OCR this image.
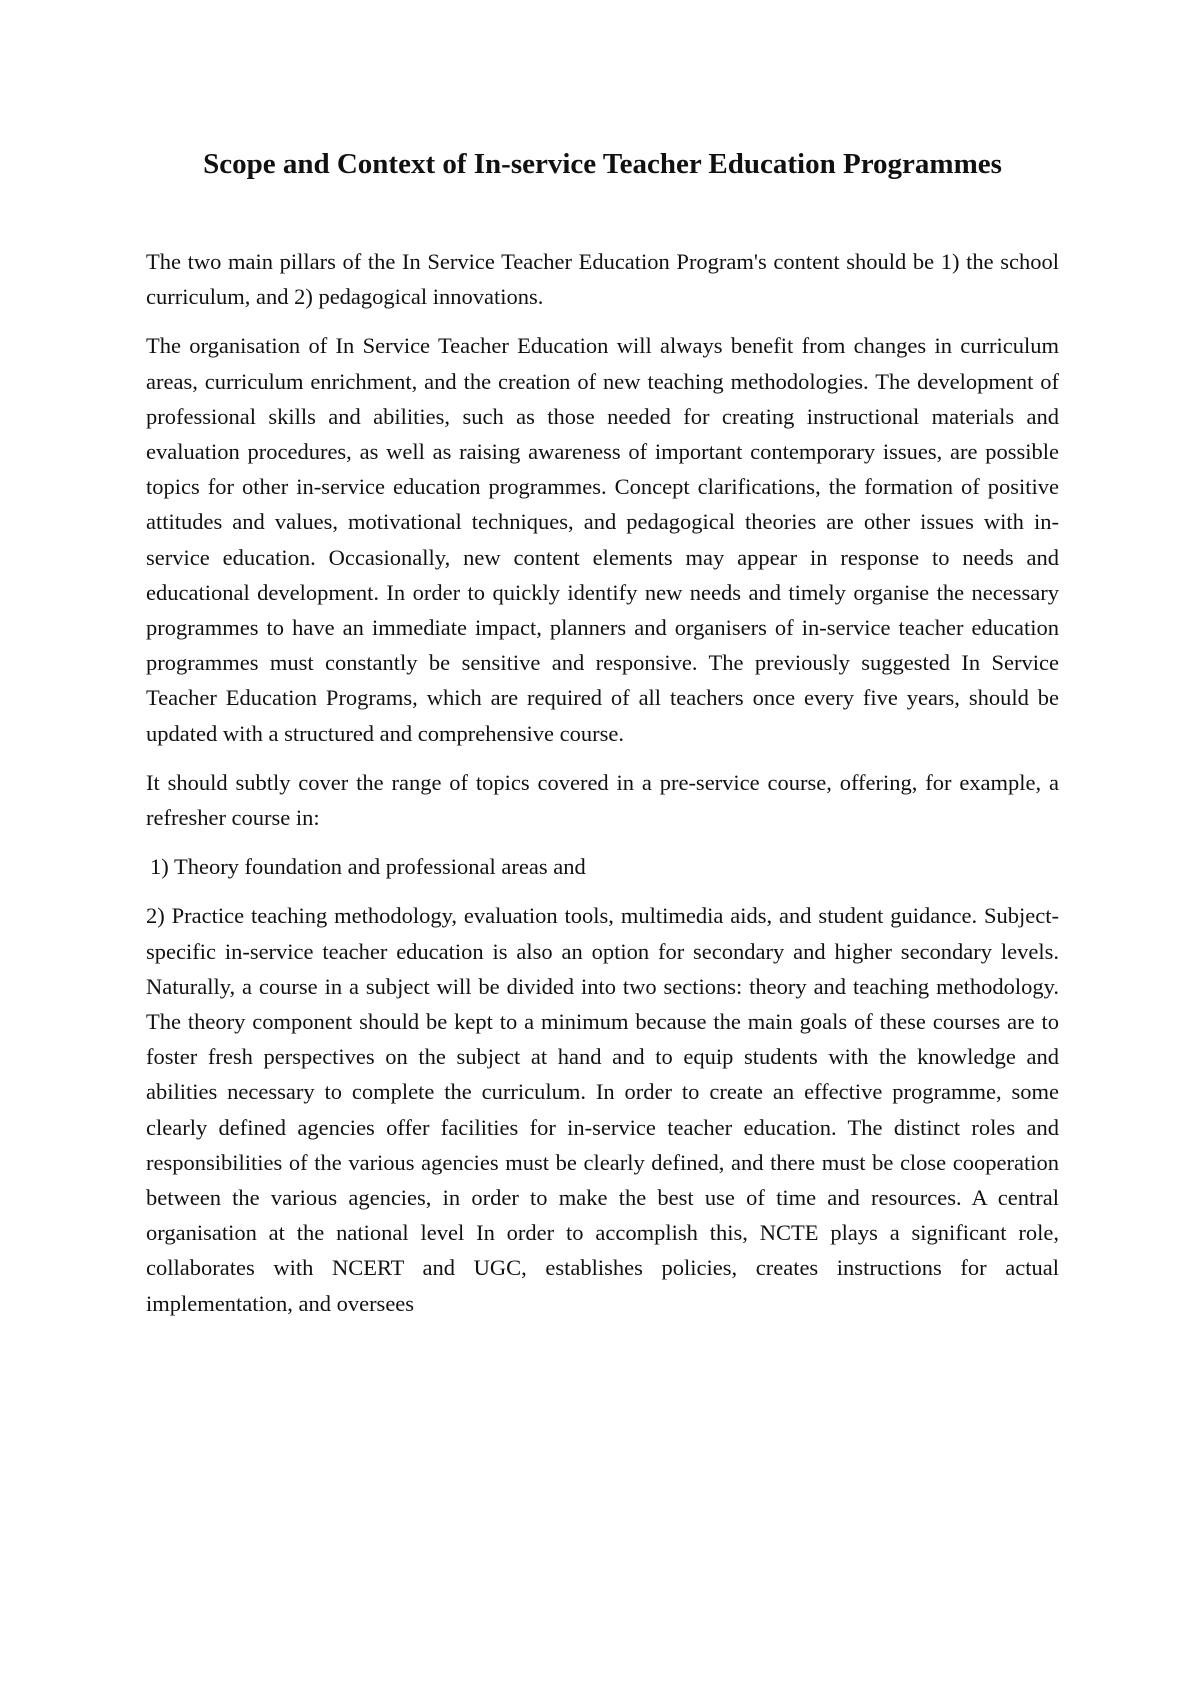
Scope and Context of In-service Teacher Education Programmes

The two main pillars of the In Service Teacher Education Program's content should be 1) the school curriculum, and 2) pedagogical innovations.

The organisation of In Service Teacher Education will always benefit from changes in curriculum areas, curriculum enrichment, and the creation of new teaching methodologies. The development of professional skills and abilities, such as those needed for creating instructional materials and evaluation procedures, as well as raising awareness of important contemporary issues, are possible topics for other in-service education programmes. Concept clarifications, the formation of positive attitudes and values, motivational techniques, and pedagogical theories are other issues with in-service education. Occasionally, new content elements may appear in response to needs and educational development. In order to quickly identify new needs and timely organise the necessary programmes to have an immediate impact, planners and organisers of in-service teacher education programmes must constantly be sensitive and responsive. The previously suggested In Service Teacher Education Programs, which are required of all teachers once every five years, should be updated with a structured and comprehensive course.

It should subtly cover the range of topics covered in a pre-service course, offering, for example, a refresher course in:

1) Theory foundation and professional areas and

2) Practice teaching methodology, evaluation tools, multimedia aids, and student guidance. Subject-specific in-service teacher education is also an option for secondary and higher secondary levels. Naturally, a course in a subject will be divided into two sections: theory and teaching methodology. The theory component should be kept to a minimum because the main goals of these courses are to foster fresh perspectives on the subject at hand and to equip students with the knowledge and abilities necessary to complete the curriculum. In order to create an effective programme, some clearly defined agencies offer facilities for in-service teacher education. The distinct roles and responsibilities of the various agencies must be clearly defined, and there must be close cooperation between the various agencies, in order to make the best use of time and resources. A central organisation at the national level In order to accomplish this, NCTE plays a significant role, collaborates with NCERT and UGC, establishes policies, creates instructions for actual implementation, and oversees
